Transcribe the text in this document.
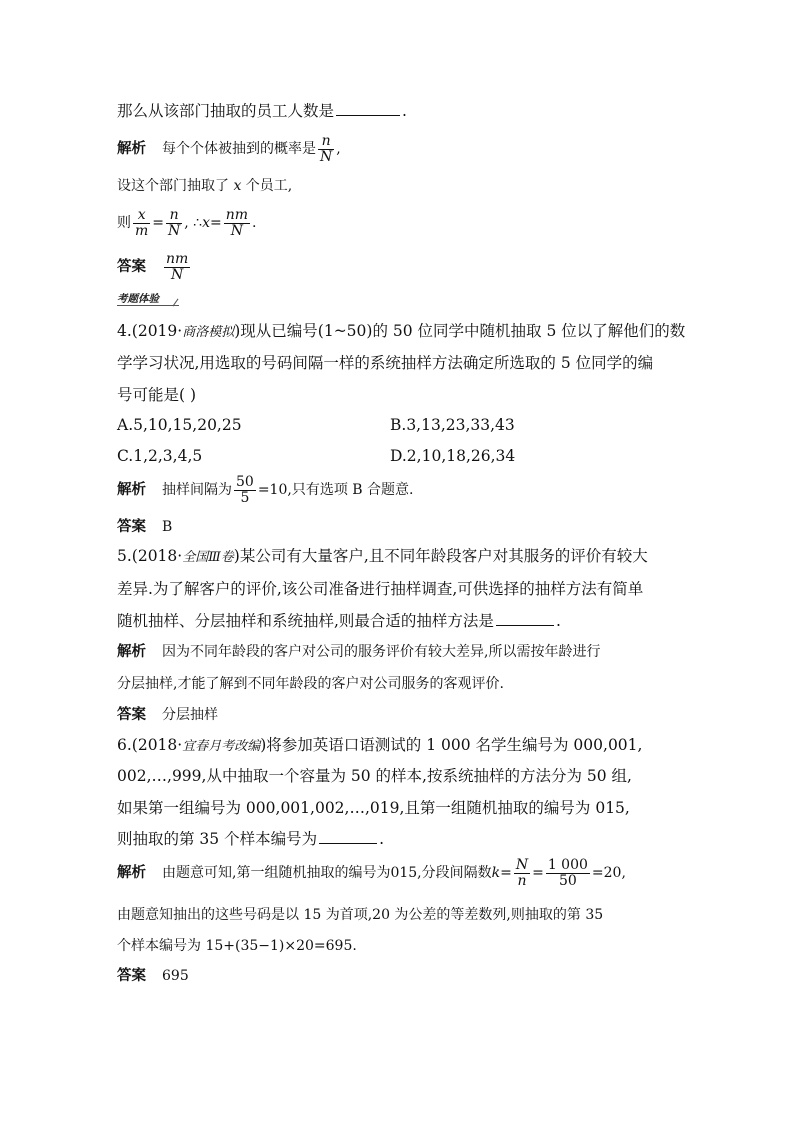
那么从该部门抽取的员工人数是	.
解析 每个个体被抽到的概率是 $\frac{n}{N}$ ,
设这个部门抽取了 x 个员工,
则 $\frac{x}{m} = \frac{n}{N}$ , ∴x= $\frac{nm}{N}$ .
答案 $\frac{nm}{N}$
考题体验
4.(2019·商洛模拟)现从已编号(1~50)的 50 位同学中随机抽取 5 位以了解他们的数
学学习状况,用选取的号码间隔一样的系统抽样方法确定所选取的 5 位同学的编
号可能是( )
A.5,10,15,20,25	B.3,13,23,33,43
C.1,2,3,4,5	D.2,10,18,26,34
解析 抽样间隔为 $\frac{50}{5} =10$,只有选项 B 合题意.
答案 B
5.(2018·全国Ⅲ卷)某公司有大量客户,且不同年龄段客户对其服务的评价有较大
差异.为了解客户的评价,该公司准备进行抽样调查,可供选择的抽样方法有简单
随机抽样、分层抽样和系统抽样,则最合适的抽样方法是	.
解析 因为不同年龄段的客户对公司的服务评价有较大差异,所以需按年龄进行
分层抽样,才能了解到不同年龄段的客户对公司服务的客观评价.
答案 分层抽样
6.(2018·宜春月考改编)将参加英语口语测试的 1 000 名学生编号为 000,001,
002,…,999,从中抽取一个容量为 50 的样本,按系统抽样的方法分为 50 组,
如果第一组编号为 000,001,002,…,019,且第一组随机抽取的编号为 015,
则抽取的第 35 个样本编号为	.
解析 由题意可知,第一组随机抽取的编号为015,分段间隔数$k= \frac{N}{n} = \frac{1 000}{50} =20$,
由题意知抽出的这些号码是以 15 为首项,20 为公差的等差数列,则抽取的第 35
个样本编号为 15+(35−1)×20=695.
答案 695
